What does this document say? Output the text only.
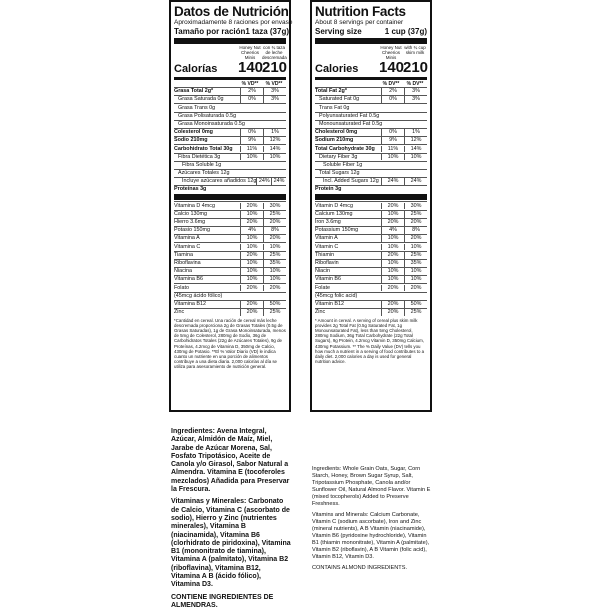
Datos de Nutrición
Aproximadamente 8 raciones por envase
Tamaño por ración 1 taza (37g)
Honey Nut Cheerios Minis
con ¾ taza de leche descremada
Calorías 140
210
% VD**	% VD**
Grasa Total 2g*	2%	3%
Grasa Saturada 0g	0%	3%
Grasa Trans 0g
Grasa Polisaturada 0.5g
Grasa Monoinsaturada 0.5g
Colesterol 0mg	0%	1%
Sodio 210mg	9%	12%
Carbohidrato Total 30g	11%	14%
Fibra Dietética 3g	10%	10%
Fibra Soluble 1g
Azúcares Totales 12g
Incluye azúcares añadidos 12g 24% 24%
Proteínas 3g
Vitamina D 4mcg	20%	30%
Calcio 130mg	10%	25%
Hierro 3.6mg	20%	20%
Potasio 150mg	4%	8%
Vitamina A	10%	20%
Vitamina C	10%	10%
Tiamina	20%	25%
Riboflavina	10%	35%
Niacina	10%	10%
Vitamina B6	10%	10%
Folato	20%	20%
(45mcg ácido fólico)
Vitamina B12	20%	50%
Zinc	20%	25%
*Cantidad en cereal. Una ración de cereal más leche descremada proporciona 2g de Grasas Totales (0.5g de Grasas Saturadas), 1g de Grasa Monoinsaturada, menos de 5mg de Colesterol, 280mg de Sodio, 36g de Carbohidratos Totales (22g de Azúcares Totales), 9g de Proteínas, 4.2mcg de Vitamina D, 350mg de Calcio, 430mg de Potasio. **El % Valor Diario (VD) le indica cuanto un nutriente en una porción de alimentos contribuye a una dieta diaria. 2,000 calorías al día se utiliza para asesoramiento de nutrición general.
Nutrition Facts
About 8 servings per container
Serving size	1 cup (37g)
Honey Nut Cheerios Minis
with ¾ cup skim milk
Calories 140
210
% DV**	% DV**
Total Fat 2g*	2%	3%
Saturated Fat 0g	0%	3%
Trans Fat 0g
Polyunsaturated Fat 0.5g
Monounsaturated Fat 0.5g
Cholesterol 0mg	0%	1%
Sodium 210mg	9%	12%
Total Carbohydrate 30g	11%	14%
Dietary Fiber 3g	10%	10%
Soluble Fiber 1g
Total Sugars 12g
Incl. Added Sugars 12g	24%	24%
Protein 3g
Vitamin D 4mcg	20%	30%
Calcium 130mg	10%	25%
Iron 3.6mg	20%	20%
Potassium 150mg	4%	8%
Vitamin A	10%	20%
Vitamin C	10%	10%
Thiamin	20%	25%
Riboflavin	10%	35%
Niacin	10%	10%
Vitamin B6	10%	10%
Folate	20%	20%
(45mcg folic acid)
Vitamin B12	20%	50%
Zinc	20%	25%
* Amount in cereal. A serving of cereal plus skim milk provides 2g Total Fat (0.5g Saturated Fat, 1g Monounsaturated Fat), less than 5mg Cholesterol, 280mg Sodium, 36g Total Carbohydrate (22g Total Sugars), 9g Protein, 4.2mcg Vitamin D, 350mg Calcium, 430mg Potassium. ** The % Daily Value (DV) tells you how much a nutrient in a serving of food contributes to a daily diet. 2,000 calories a day is used for general nutrition advice.

Ingredientes: Avena Integral, Azúcar, Almidón de Maíz, Miel, Jarabe de Azúcar Morena, Sal, Fosfato Tripotásico, Aceite de Canola y/o Girasol, Sabor Natural a Almendra. Vitamina E (tocoferoles mezclados) Añadida para Preservar la Frescura.

Vitaminas y Minerales: Carbonato de Calcio, Vitamina C (ascorbato de sodio), Hierro y Zinc (nutrientes minerales), Vitamina B (niacinamida), Vitamina B6 (clorhidrato de piridoxina), Vitamina B1 (mononitrato de tiamina), Vitamina A (palmitato), Vitamina B2 (riboflavina), Vitamina B12, Vitamina A B (ácido fólico), Vitamina D3.

CONTIENE INGREDIENTES DE ALMENDRAS.

Ingredients: Whole Grain Oats, Sugar, Corn Starch, Honey, Brown Sugar Syrup, Salt, Tripotassium Phosphate, Canola and/or Sunflower Oil, Natural Almond Flavor. Vitamin E (mixed tocopherols) Added to Preserve Freshness.

Vitamins and Minerals: Calcium Carbonate, Vitamin C (sodium ascorbate), Iron and Zinc (mineral nutrients), A B Vitamin (niacinamide), Vitamin B6 (pyridoxine hydrochloride), Vitamin B1 (thiamin mononitrate), Vitamin A (palmitate), Vitamin B2 (riboflavin), A B Vitamin (folic acid), Vitamin B12, Vitamin D3.

CONTAINS ALMOND INGREDIENTS.
